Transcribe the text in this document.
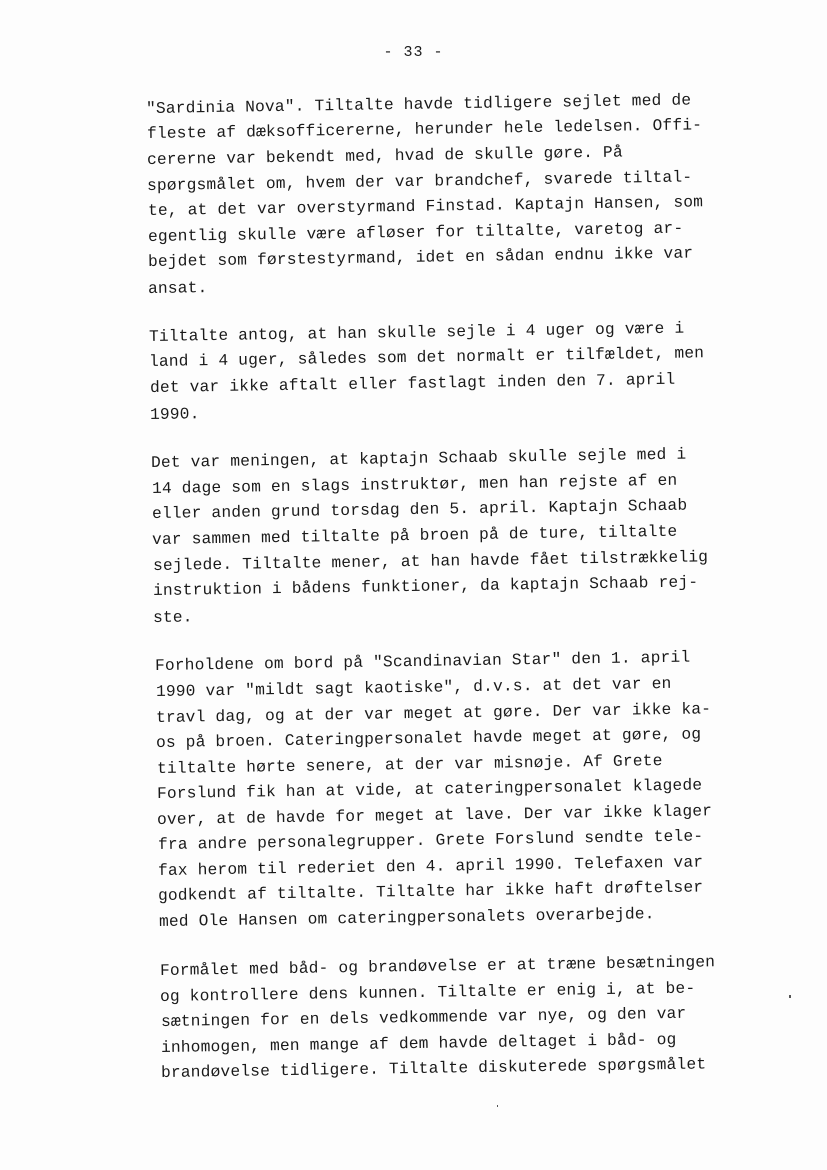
- 33 -
"Sardinia Nova". Tiltalte havde tidligere sejlet med de
fleste af dæksofficererne, herunder hele ledelsen. Offi-
cererne var bekendt med, hvad de skulle gøre. På
spørgsmålet om, hvem der var brandchef, svarede tiltal-
te, at det var overstyrmand Finstad. Kaptajn Hansen, som
egentlig skulle være afløser for tiltalte, varetog ar-
bejdet som førstestyrmand, idet en sådan endnu ikke var
ansat.
Tiltalte antog, at han skulle sejle i 4 uger og være i
land i 4 uger, således som det normalt er tilfældet, men
det var ikke aftalt eller fastlagt inden den 7. april
1990.
Det var meningen, at kaptajn Schaab skulle sejle med i
14 dage som en slags instruktør, men han rejste af en
eller anden grund torsdag den 5. april. Kaptajn Schaab
var sammen med tiltalte på broen på de ture, tiltalte
sejlede. Tiltalte mener, at han havde fået tilstrækkelig
instruktion i bådens funktioner, da kaptajn Schaab rej-
ste.
Forholdene om bord på "Scandinavian Star" den 1. april
1990 var "mildt sagt kaotiske", d.v.s. at det var en
travl dag, og at der var meget at gøre. Der var ikke ka-
os på broen. Cateringpersonalet havde meget at gøre, og
tiltalte hørte senere, at der var misnøje. Af Grete
Forslund fik han at vide, at cateringpersonalet klagede
over, at de havde for meget at lave. Der var ikke klager
fra andre personalegrupper. Grete Forslund sendte tele-
fax herom til rederiet den 4. april 1990. Telefaxen var
godkendt af tiltalte. Tiltalte har ikke haft drøftelser
med Ole Hansen om cateringpersonalets overarbejde.
Formålet med båd- og brandøvelse er at træne besætningen
og kontrollere dens kunnen. Tiltalte er enig i, at be-
sætningen for en dels vedkommende var nye, og den var
inhomogen, men mange af dem havde deltaget i båd- og
brandøvelse tidligere. Tiltalte diskuterede spørgsmålet
